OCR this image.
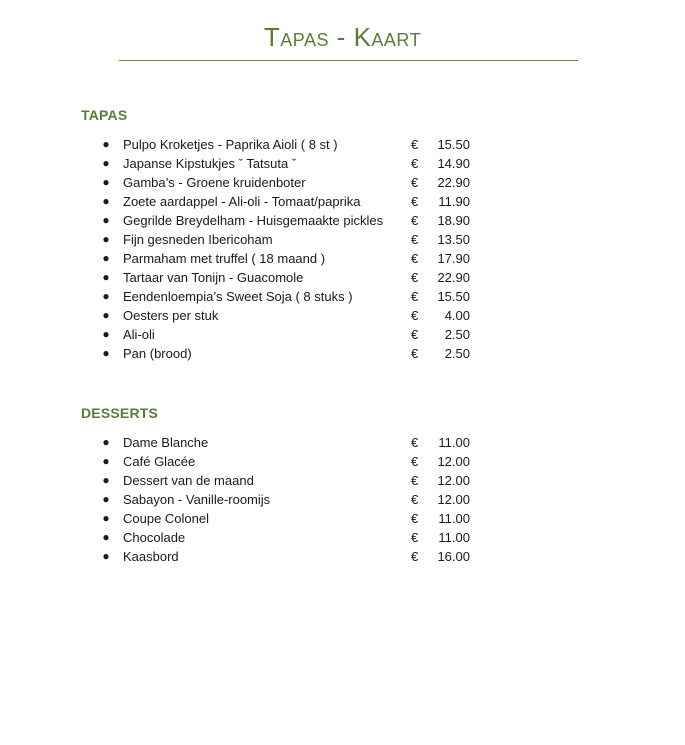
Tapas - Kaart
TAPAS
● Pulpo Kroketjes - Paprika Aioli ( 8 st )	€	15.50
● Japanse Kipstukjes ˇ Tatsuta ˇ	€	14.90
● Gamba’s - Groene kruidenboter	€	22.90
● Zoete aardappel - Ali-oli - Tomaat/paprika	€	11.90
● Gegrilde Breydelham - Huisgemaakte pickles €	18.90
● Fijn gesneden Ibericoham	€	13.50
● Parmaham met truffel ( 18 maand )	€	17.90
● Tartaar van Tonijn - Guacomole	€	22.90
● Eendenloempia’s Sweet Soja ( 8 stuks )	€	15.50
● Oesters per stuk	€	4.00
● Ali-oli	€	2.50
● Pan (brood)	€	2.50
DESSERTS
● Dame Blanche	€	11.00
● Café Glacée	€	12.00
● Dessert van de maand	€	12.00
● Sabayon - Vanille-roomijs	€	12.00
● Coupe Colonel	€	11.00
● Chocolade	€	11.00
● Kaasbord	€	16.00
